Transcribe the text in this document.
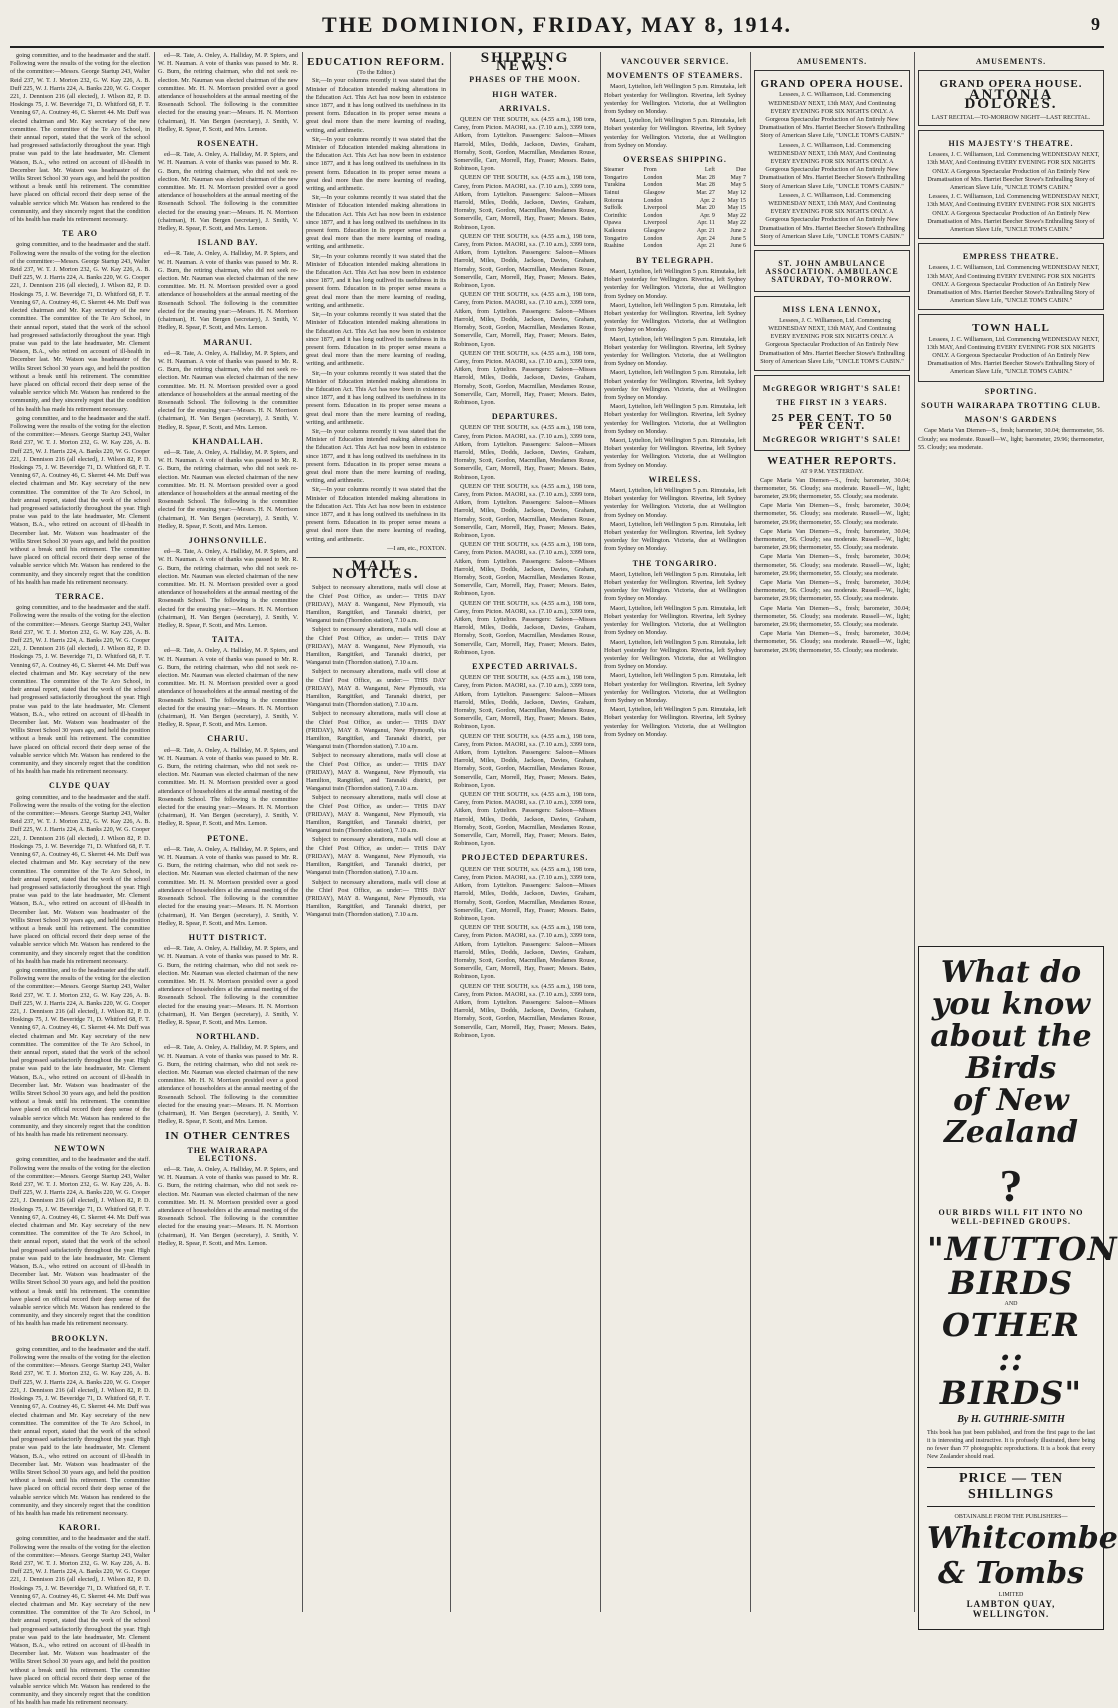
THE DOMINION, FRIDAY, MAY 8, 1914.	9

going committee, and to the headmaster and the staff. Following were the results of the voting for the election of the committee:—Messrs. George Startup 243, Walter Reid 237, W. T. J. Morton 232, G. W. Kay 226, A. B. Duff 225, W. J. Harris 224, A. Banks 220, W. G. Cooper 221, J. Dennison 216 (all elected), J. Wilson 82, P. D. Hoskings 75, J. W. Beveridge 71, D. Whitford 68, F. T. Venning 67, A. Coutney 46, C. Skerret 44. Mr. Duff was elected chairman and Mr. Kay secretary of the new committee. The committee of the Te Aro School, in their annual report, stated that the work of the school had progressed satisfactorily throughout the year. High praise was paid to the late headmaster, Mr. Clement Watson, B.A., who retired on account of ill-health in December last. Mr. Watson was headmaster of the Willis Street School 30 years ago, and held the position without a break until his retirement. The committee have placed on official record their deep sense of the valuable service which Mr. Watson has rendered to the community, and they sincerely regret that the condition of his health has made his retirement necessary.

TE ARO

going committee, and to the headmaster and the staff. Following were the results of the voting for the election of the committee:—Messrs. George Startup 243, Walter Reid 237, W. T. J. Morton 232, G. W. Kay 226, A. B. Duff 225, W. J. Harris 224, A. Banks 220, W. G. Cooper 221, J. Dennison 216 (all elected), J. Wilson 82, P. D. Hoskings 75, J. W. Beveridge 71, D. Whitford 68, F. T. Venning 67, A. Coutney 46, C. Skerret 44. Mr. Duff was elected chairman and Mr. Kay secretary of the new committee. The committee of the Te Aro School, in their annual report, stated that the work of the school had progressed satisfactorily throughout the year. High praise was paid to the late headmaster, Mr. Clement Watson, B.A., who retired on account of ill-health in December last. Mr. Watson was headmaster of the Willis Street School 30 years ago, and held the position without a break until his retirement. The committee have placed on official record their deep sense of the valuable service which Mr. Watson has rendered to the community, and they sincerely regret that the condition of his health has made his retirement necessary.

going committee, and to the headmaster and the staff. Following were the results of the voting for the election of the committee:—Messrs. George Startup 243, Walter Reid 237, W. T. J. Morton 232, G. W. Kay 226, A. B. Duff 225, W. J. Harris 224, A. Banks 220, W. G. Cooper 221, J. Dennison 216 (all elected), J. Wilson 82, P. D. Hoskings 75, J. W. Beveridge 71, D. Whitford 68, F. T. Venning 67, A. Coutney 46, C. Skerret 44. Mr. Duff was elected chairman and Mr. Kay secretary of the new committee. The committee of the Te Aro School, in their annual report, stated that the work of the school had progressed satisfactorily throughout the year. High praise was paid to the late headmaster, Mr. Clement Watson, B.A., who retired on account of ill-health in December last. Mr. Watson was headmaster of the Willis Street School 30 years ago, and held the position without a break until his retirement. The committee have placed on official record their deep sense of the valuable service which Mr. Watson has rendered to the community, and they sincerely regret that the condition of his health has made his retirement necessary.

TERRACE.

going committee, and to the headmaster and the staff. Following were the results of the voting for the election of the committee:—Messrs. George Startup 243, Walter Reid 237, W. T. J. Morton 232, G. W. Kay 226, A. B. Duff 225, W. J. Harris 224, A. Banks 220, W. G. Cooper 221, J. Dennison 216 (all elected), J. Wilson 82, P. D. Hoskings 75, J. W. Beveridge 71, D. Whitford 68, F. T. Venning 67, A. Coutney 46, C. Skerret 44. Mr. Duff was elected chairman and Mr. Kay secretary of the new committee. The committee of the Te Aro School, in their annual report, stated that the work of the school had progressed satisfactorily throughout the year. High praise was paid to the late headmaster, Mr. Clement Watson, B.A., who retired on account of ill-health in December last. Mr. Watson was headmaster of the Willis Street School 30 years ago, and held the position without a break until his retirement. The committee have placed on official record their deep sense of the valuable service which Mr. Watson has rendered to the community, and they sincerely regret that the condition of his health has made his retirement necessary.

CLYDE QUAY

going committee, and to the headmaster and the staff. Following were the results of the voting for the election of the committee:—Messrs. George Startup 243, Walter Reid 237, W. T. J. Morton 232, G. W. Kay 226, A. B. Duff 225, W. J. Harris 224, A. Banks 220, W. G. Cooper 221, J. Dennison 216 (all elected), J. Wilson 82, P. D. Hoskings 75, J. W. Beveridge 71, D. Whitford 68, F. T. Venning 67, A. Coutney 46, C. Skerret 44. Mr. Duff was elected chairman and Mr. Kay secretary of the new committee. The committee of the Te Aro School, in their annual report, stated that the work of the school had progressed satisfactorily throughout the year. High praise was paid to the late headmaster, Mr. Clement Watson, B.A., who retired on account of ill-health in December last. Mr. Watson was headmaster of the Willis Street School 30 years ago, and held the position without a break until his retirement. The committee have placed on official record their deep sense of the valuable service which Mr. Watson has rendered to the community, and they sincerely regret that the condition of his health has made his retirement necessary.

going committee, and to the headmaster and the staff. Following were the results of the voting for the election of the committee:—Messrs. George Startup 243, Walter Reid 237, W. T. J. Morton 232, G. W. Kay 226, A. B. Duff 225, W. J. Harris 224, A. Banks 220, W. G. Cooper 221, J. Dennison 216 (all elected), J. Wilson 82, P. D. Hoskings 75, J. W. Beveridge 71, D. Whitford 68, F. T. Venning 67, A. Coutney 46, C. Skerret 44. Mr. Duff was elected chairman and Mr. Kay secretary of the new committee. The committee of the Te Aro School, in their annual report, stated that the work of the school had progressed satisfactorily throughout the year. High praise was paid to the late headmaster, Mr. Clement Watson, B.A., who retired on account of ill-health in December last. Mr. Watson was headmaster of the Willis Street School 30 years ago, and held the position without a break until his retirement. The committee have placed on official record their deep sense of the valuable service which Mr. Watson has rendered to the community, and they sincerely regret that the condition of his health has made his retirement necessary.

NEWTOWN

going committee, and to the headmaster and the staff. Following were the results of the voting for the election of the committee:—Messrs. George Startup 243, Walter Reid 237, W. T. J. Morton 232, G. W. Kay 226, A. B. Duff 225, W. J. Harris 224, A. Banks 220, W. G. Cooper 221, J. Dennison 216 (all elected), J. Wilson 82, P. D. Hoskings 75, J. W. Beveridge 71, D. Whitford 68, F. T. Venning 67, A. Coutney 46, C. Skerret 44. Mr. Duff was elected chairman and Mr. Kay secretary of the new committee. The committee of the Te Aro School, in their annual report, stated that the work of the school had progressed satisfactorily throughout the year. High praise was paid to the late headmaster, Mr. Clement Watson, B.A., who retired on account of ill-health in December last. Mr. Watson was headmaster of the Willis Street School 30 years ago, and held the position without a break until his retirement. The committee have placed on official record their deep sense of the valuable service which Mr. Watson has rendered to the community, and they sincerely regret that the condition of his health has made his retirement necessary.

BROOKLYN.

going committee, and to the headmaster and the staff. Following were the results of the voting for the election of the committee:—Messrs. George Startup 243, Walter Reid 237, W. T. J. Morton 232, G. W. Kay 226, A. B. Duff 225, W. J. Harris 224, A. Banks 220, W. G. Cooper 221, J. Dennison 216 (all elected), J. Wilson 82, P. D. Hoskings 75, J. W. Beveridge 71, D. Whitford 68, F. T. Venning 67, A. Coutney 46, C. Skerret 44. Mr. Duff was elected chairman and Mr. Kay secretary of the new committee. The committee of the Te Aro School, in their annual report, stated that the work of the school had progressed satisfactorily throughout the year. High praise was paid to the late headmaster, Mr. Clement Watson, B.A., who retired on account of ill-health in December last. Mr. Watson was headmaster of the Willis Street School 30 years ago, and held the position without a break until his retirement. The committee have placed on official record their deep sense of the valuable service which Mr. Watson has rendered to the community, and they sincerely regret that the condition of his health has made his retirement necessary.

KARORI.

going committee, and to the headmaster and the staff. Following were the results of the voting for the election of the committee:—Messrs. George Startup 243, Walter Reid 237, W. T. J. Morton 232, G. W. Kay 226, A. B. Duff 225, W. J. Harris 224, A. Banks 220, W. G. Cooper 221, J. Dennison 216 (all elected), J. Wilson 82, P. D. Hoskings 75, J. W. Beveridge 71, D. Whitford 68, F. T. Venning 67, A. Coutney 46, C. Skerret 44. Mr. Duff was elected chairman and Mr. Kay secretary of the new committee. The committee of the Te Aro School, in their annual report, stated that the work of the school had progressed satisfactorily throughout the year. High praise was paid to the late headmaster, Mr. Clement Watson, B.A., who retired on account of ill-health in December last. Mr. Watson was headmaster of the Willis Street School 30 years ago, and held the position without a break until his retirement. The committee have placed on official record their deep sense of the valuable service which Mr. Watson has rendered to the community, and they sincerely regret that the condition of his health has made his retirement necessary.

ed—R. Tate, A. Onley, A. Halliday, M. P. Spiers, and W. H. Nauman. A vote of thanks was passed to Mr. R. G. Burn, the retiring chairman, who did not seek re-election. Mr. Nauman was elected chairman of the new committee. Mr. H. N. Morrison presided over a good attendance of householders at the annual meeting of the Roseneath School. The following is the committee elected for the ensuing year:—Messrs. H. N. Morrison (chairman), H. Van Bergen (secretary), J. Smith, V. Hedley, R. Spear, F. Scott, and Mrs. Lemon.

ROSENEATH.

ed—R. Tate, A. Onley, A. Halliday, M. P. Spiers, and W. H. Nauman. A vote of thanks was passed to Mr. R. G. Burn, the retiring chairman, who did not seek re-election. Mr. Nauman was elected chairman of the new committee. Mr. H. N. Morrison presided over a good attendance of householders at the annual meeting of the Roseneath School. The following is the committee elected for the ensuing year:—Messrs. H. N. Morrison (chairman), H. Van Bergen (secretary), J. Smith, V. Hedley, R. Spear, F. Scott, and Mrs. Lemon.

ISLAND BAY.

ed—R. Tate, A. Onley, A. Halliday, M. P. Spiers, and W. H. Nauman. A vote of thanks was passed to Mr. R. G. Burn, the retiring chairman, who did not seek re-election. Mr. Nauman was elected chairman of the new committee. Mr. H. N. Morrison presided over a good attendance of householders at the annual meeting of the Roseneath School. The following is the committee elected for the ensuing year:—Messrs. H. N. Morrison (chairman), H. Van Bergen (secretary), J. Smith, V. Hedley, R. Spear, F. Scott, and Mrs. Lemon.

MARANUI.

ed—R. Tate, A. Onley, A. Halliday, M. P. Spiers, and W. H. Nauman. A vote of thanks was passed to Mr. R. G. Burn, the retiring chairman, who did not seek re-election. Mr. Nauman was elected chairman of the new committee. Mr. H. N. Morrison presided over a good attendance of householders at the annual meeting of the Roseneath School. The following is the committee elected for the ensuing year:—Messrs. H. N. Morrison (chairman), H. Van Bergen (secretary), J. Smith, V. Hedley, R. Spear, F. Scott, and Mrs. Lemon.

KHANDALLAH.

ed—R. Tate, A. Onley, A. Halliday, M. P. Spiers, and W. H. Nauman. A vote of thanks was passed to Mr. R. G. Burn, the retiring chairman, who did not seek re-election. Mr. Nauman was elected chairman of the new committee. Mr. H. N. Morrison presided over a good attendance of householders at the annual meeting of the Roseneath School. The following is the committee elected for the ensuing year:—Messrs. H. N. Morrison (chairman), H. Van Bergen (secretary), J. Smith, V. Hedley, R. Spear, F. Scott, and Mrs. Lemon.

JOHNSONVILLE.

ed—R. Tate, A. Onley, A. Halliday, M. P. Spiers, and W. H. Nauman. A vote of thanks was passed to Mr. R. G. Burn, the retiring chairman, who did not seek re-election. Mr. Nauman was elected chairman of the new committee. Mr. H. N. Morrison presided over a good attendance of householders at the annual meeting of the Roseneath School. The following is the committee elected for the ensuing year:—Messrs. H. N. Morrison (chairman), H. Van Bergen (secretary), J. Smith, V. Hedley, R. Spear, F. Scott, and Mrs. Lemon.

TAITA.

ed—R. Tate, A. Onley, A. Halliday, M. P. Spiers, and W. H. Nauman. A vote of thanks was passed to Mr. R. G. Burn, the retiring chairman, who did not seek re-election. Mr. Nauman was elected chairman of the new committee. Mr. H. N. Morrison presided over a good attendance of householders at the annual meeting of the Roseneath School. The following is the committee elected for the ensuing year:—Messrs. H. N. Morrison (chairman), H. Van Bergen (secretary), J. Smith, V. Hedley, R. Spear, F. Scott, and Mrs. Lemon.

CHARIU.

ed—R. Tate, A. Onley, A. Halliday, M. P. Spiers, and W. H. Nauman. A vote of thanks was passed to Mr. R. G. Burn, the retiring chairman, who did not seek re-election. Mr. Nauman was elected chairman of the new committee. Mr. H. N. Morrison presided over a good attendance of householders at the annual meeting of the Roseneath School. The following is the committee elected for the ensuing year:—Messrs. H. N. Morrison (chairman), H. Van Bergen (secretary), J. Smith, V. Hedley, R. Spear, F. Scott, and Mrs. Lemon.

PETONE.

ed—R. Tate, A. Onley, A. Halliday, M. P. Spiers, and W. H. Nauman. A vote of thanks was passed to Mr. R. G. Burn, the retiring chairman, who did not seek re-election. Mr. Nauman was elected chairman of the new committee. Mr. H. N. Morrison presided over a good attendance of householders at the annual meeting of the Roseneath School. The following is the committee elected for the ensuing year:—Messrs. H. N. Morrison (chairman), H. Van Bergen (secretary), J. Smith, V. Hedley, R. Spear, F. Scott, and Mrs. Lemon.

HUTT DISTRICT.

ed—R. Tate, A. Onley, A. Halliday, M. P. Spiers, and W. H. Nauman. A vote of thanks was passed to Mr. R. G. Burn, the retiring chairman, who did not seek re-election. Mr. Nauman was elected chairman of the new committee. Mr. H. N. Morrison presided over a good attendance of householders at the annual meeting of the Roseneath School. The following is the committee elected for the ensuing year:—Messrs. H. N. Morrison (chairman), H. Van Bergen (secretary), J. Smith, V. Hedley, R. Spear, F. Scott, and Mrs. Lemon.

NORTHLAND.

ed—R. Tate, A. Onley, A. Halliday, M. P. Spiers, and W. H. Nauman. A vote of thanks was passed to Mr. R. G. Burn, the retiring chairman, who did not seek re-election. Mr. Nauman was elected chairman of the new committee. Mr. H. N. Morrison presided over a good attendance of householders at the annual meeting of the Roseneath School. The following is the committee elected for the ensuing year:—Messrs. H. N. Morrison (chairman), H. Van Bergen (secretary), J. Smith, V. Hedley, R. Spear, F. Scott, and Mrs. Lemon.

IN OTHER CENTRES
THE WAIRARAPA ELECTIONS.

ed—R. Tate, A. Onley, A. Halliday, M. P. Spiers, and W. H. Nauman. A vote of thanks was passed to Mr. R. G. Burn, the retiring chairman, who did not seek re-election. Mr. Nauman was elected chairman of the new committee. Mr. H. N. Morrison presided over a good attendance of householders at the annual meeting of the Roseneath School. The following is the committee elected for the ensuing year:—Messrs. H. N. Morrison (chairman), H. Van Bergen (secretary), J. Smith, V. Hedley, R. Spear, F. Scott, and Mrs. Lemon.

EDUCATION REFORM.
(To the Editor.)

Sir,—In your columns recently it was stated that the Minister of Education intended making alterations in the Education Act. This Act has now been in existence since 1877, and it has long outlived its usefulness in its present form. Education in its proper sense means a great deal more than the mere learning of reading, writing, and arithmetic.

Sir,—In your columns recently it was stated that the Minister of Education intended making alterations in the Education Act. This Act has now been in existence since 1877, and it has long outlived its usefulness in its present form. Education in its proper sense means a great deal more than the mere learning of reading, writing, and arithmetic.

Sir,—In your columns recently it was stated that the Minister of Education intended making alterations in the Education Act. This Act has now been in existence since 1877, and it has long outlived its usefulness in its present form. Education in its proper sense means a great deal more than the mere learning of reading, writing, and arithmetic.

Sir,—In your columns recently it was stated that the Minister of Education intended making alterations in the Education Act. This Act has now been in existence since 1877, and it has long outlived its usefulness in its present form. Education in its proper sense means a great deal more than the mere learning of reading, writing, and arithmetic.

Sir,—In your columns recently it was stated that the Minister of Education intended making alterations in the Education Act. This Act has now been in existence since 1877, and it has long outlived its usefulness in its present form. Education in its proper sense means a great deal more than the mere learning of reading, writing, and arithmetic.

Sir,—In your columns recently it was stated that the Minister of Education intended making alterations in the Education Act. This Act has now been in existence since 1877, and it has long outlived its usefulness in its present form. Education in its proper sense means a great deal more than the mere learning of reading, writing, and arithmetic.

Sir,—In your columns recently it was stated that the Minister of Education intended making alterations in the Education Act. This Act has now been in existence since 1877, and it has long outlived its usefulness in its present form. Education in its proper sense means a great deal more than the mere learning of reading, writing, and arithmetic.

Sir,—In your columns recently it was stated that the Minister of Education intended making alterations in the Education Act. This Act has now been in existence since 1877, and it has long outlived its usefulness in its present form. Education in its proper sense means a great deal more than the mere learning of reading, writing, and arithmetic.

—I am, etc., FOXTON.
MAIL NOTICES.

Subject to necessary alterations, mails will close at the Chief Post Office, as under:— THIS DAY (FRIDAY), MAY 8. Wanganui, New Plymouth, via Hamilton, Rangitikei, and Taranaki district, per Wanganui train (Thorndon station), 7.10 a.m.

Subject to necessary alterations, mails will close at the Chief Post Office, as under:— THIS DAY (FRIDAY), MAY 8. Wanganui, New Plymouth, via Hamilton, Rangitikei, and Taranaki district, per Wanganui train (Thorndon station), 7.10 a.m.

Subject to necessary alterations, mails will close at the Chief Post Office, as under:— THIS DAY (FRIDAY), MAY 8. Wanganui, New Plymouth, via Hamilton, Rangitikei, and Taranaki district, per Wanganui train (Thorndon station), 7.10 a.m.

Subject to necessary alterations, mails will close at the Chief Post Office, as under:— THIS DAY (FRIDAY), MAY 8. Wanganui, New Plymouth, via Hamilton, Rangitikei, and Taranaki district, per Wanganui train (Thorndon station), 7.10 a.m.

Subject to necessary alterations, mails will close at the Chief Post Office, as under:— THIS DAY (FRIDAY), MAY 8. Wanganui, New Plymouth, via Hamilton, Rangitikei, and Taranaki district, per Wanganui train (Thorndon station), 7.10 a.m.

Subject to necessary alterations, mails will close at the Chief Post Office, as under:— THIS DAY (FRIDAY), MAY 8. Wanganui, New Plymouth, via Hamilton, Rangitikei, and Taranaki district, per Wanganui train (Thorndon station), 7.10 a.m.

Subject to necessary alterations, mails will close at the Chief Post Office, as under:— THIS DAY (FRIDAY), MAY 8. Wanganui, New Plymouth, via Hamilton, Rangitikei, and Taranaki district, per Wanganui train (Thorndon station), 7.10 a.m.

Subject to necessary alterations, mails will close at the Chief Post Office, as under:— THIS DAY (FRIDAY), MAY 8. Wanganui, New Plymouth, via Hamilton, Rangitikei, and Taranaki district, per Wanganui train (Thorndon station), 7.10 a.m.

SHIPPING NEWS.
PHASES OF THE MOON.
HIGH WATER.
ARRIVALS.

QUEEN OF THE SOUTH, s.s. (4.55 a.m.), 198 tons, Carey, from Picton. MAORI, s.s. (7.10 a.m.), 3399 tons, Aitken, from Lyttelton. Passengers: Saloon—Misses Harrold, Miles, Dodds, Jackson, Davies, Graham, Hornsby, Scott, Gordon, Macmillan, Mesdames Rouse, Somerville, Carr, Morrell, Hay, Fraser; Messrs. Bates, Robinson, Lyon.

QUEEN OF THE SOUTH, s.s. (4.55 a.m.), 198 tons, Carey, from Picton. MAORI, s.s. (7.10 a.m.), 3399 tons, Aitken, from Lyttelton. Passengers: Saloon—Misses Harrold, Miles, Dodds, Jackson, Davies, Graham, Hornsby, Scott, Gordon, Macmillan, Mesdames Rouse, Somerville, Carr, Morrell, Hay, Fraser; Messrs. Bates, Robinson, Lyon.

QUEEN OF THE SOUTH, s.s. (4.55 a.m.), 198 tons, Carey, from Picton. MAORI, s.s. (7.10 a.m.), 3399 tons, Aitken, from Lyttelton. Passengers: Saloon—Misses Harrold, Miles, Dodds, Jackson, Davies, Graham, Hornsby, Scott, Gordon, Macmillan, Mesdames Rouse, Somerville, Carr, Morrell, Hay, Fraser; Messrs. Bates, Robinson, Lyon.

QUEEN OF THE SOUTH, s.s. (4.55 a.m.), 198 tons, Carey, from Picton. MAORI, s.s. (7.10 a.m.), 3399 tons, Aitken, from Lyttelton. Passengers: Saloon—Misses Harrold, Miles, Dodds, Jackson, Davies, Graham, Hornsby, Scott, Gordon, Macmillan, Mesdames Rouse, Somerville, Carr, Morrell, Hay, Fraser; Messrs. Bates, Robinson, Lyon.

QUEEN OF THE SOUTH, s.s. (4.55 a.m.), 198 tons, Carey, from Picton. MAORI, s.s. (7.10 a.m.), 3399 tons, Aitken, from Lyttelton. Passengers: Saloon—Misses Harrold, Miles, Dodds, Jackson, Davies, Graham, Hornsby, Scott, Gordon, Macmillan, Mesdames Rouse, Somerville, Carr, Morrell, Hay, Fraser; Messrs. Bates, Robinson, Lyon.

DEPARTURES.

QUEEN OF THE SOUTH, s.s. (4.55 a.m.), 198 tons, Carey, from Picton. MAORI, s.s. (7.10 a.m.), 3399 tons, Aitken, from Lyttelton. Passengers: Saloon—Misses Harrold, Miles, Dodds, Jackson, Davies, Graham, Hornsby, Scott, Gordon, Macmillan, Mesdames Rouse, Somerville, Carr, Morrell, Hay, Fraser; Messrs. Bates, Robinson, Lyon.

QUEEN OF THE SOUTH, s.s. (4.55 a.m.), 198 tons, Carey, from Picton. MAORI, s.s. (7.10 a.m.), 3399 tons, Aitken, from Lyttelton. Passengers: Saloon—Misses Harrold, Miles, Dodds, Jackson, Davies, Graham, Hornsby, Scott, Gordon, Macmillan, Mesdames Rouse, Somerville, Carr, Morrell, Hay, Fraser; Messrs. Bates, Robinson, Lyon.

QUEEN OF THE SOUTH, s.s. (4.55 a.m.), 198 tons, Carey, from Picton. MAORI, s.s. (7.10 a.m.), 3399 tons, Aitken, from Lyttelton. Passengers: Saloon—Misses Harrold, Miles, Dodds, Jackson, Davies, Graham, Hornsby, Scott, Gordon, Macmillan, Mesdames Rouse, Somerville, Carr, Morrell, Hay, Fraser; Messrs. Bates, Robinson, Lyon.

QUEEN OF THE SOUTH, s.s. (4.55 a.m.), 198 tons, Carey, from Picton. MAORI, s.s. (7.10 a.m.), 3399 tons, Aitken, from Lyttelton. Passengers: Saloon—Misses Harrold, Miles, Dodds, Jackson, Davies, Graham, Hornsby, Scott, Gordon, Macmillan, Mesdames Rouse, Somerville, Carr, Morrell, Hay, Fraser; Messrs. Bates, Robinson, Lyon.

EXPECTED ARRIVALS.

QUEEN OF THE SOUTH, s.s. (4.55 a.m.), 198 tons, Carey, from Picton. MAORI, s.s. (7.10 a.m.), 3399 tons, Aitken, from Lyttelton. Passengers: Saloon—Misses Harrold, Miles, Dodds, Jackson, Davies, Graham, Hornsby, Scott, Gordon, Macmillan, Mesdames Rouse, Somerville, Carr, Morrell, Hay, Fraser; Messrs. Bates, Robinson, Lyon.

QUEEN OF THE SOUTH, s.s. (4.55 a.m.), 198 tons, Carey, from Picton. MAORI, s.s. (7.10 a.m.), 3399 tons, Aitken, from Lyttelton. Passengers: Saloon—Misses Harrold, Miles, Dodds, Jackson, Davies, Graham, Hornsby, Scott, Gordon, Macmillan, Mesdames Rouse, Somerville, Carr, Morrell, Hay, Fraser; Messrs. Bates, Robinson, Lyon.

QUEEN OF THE SOUTH, s.s. (4.55 a.m.), 198 tons, Carey, from Picton. MAORI, s.s. (7.10 a.m.), 3399 tons, Aitken, from Lyttelton. Passengers: Saloon—Misses Harrold, Miles, Dodds, Jackson, Davies, Graham, Hornsby, Scott, Gordon, Macmillan, Mesdames Rouse, Somerville, Carr, Morrell, Hay, Fraser; Messrs. Bates, Robinson, Lyon.

PROJECTED DEPARTURES.

QUEEN OF THE SOUTH, s.s. (4.55 a.m.), 198 tons, Carey, from Picton. MAORI, s.s. (7.10 a.m.), 3399 tons, Aitken, from Lyttelton. Passengers: Saloon—Misses Harrold, Miles, Dodds, Jackson, Davies, Graham, Hornsby, Scott, Gordon, Macmillan, Mesdames Rouse, Somerville, Carr, Morrell, Hay, Fraser; Messrs. Bates, Robinson, Lyon.

QUEEN OF THE SOUTH, s.s. (4.55 a.m.), 198 tons, Carey, from Picton. MAORI, s.s. (7.10 a.m.), 3399 tons, Aitken, from Lyttelton. Passengers: Saloon—Misses Harrold, Miles, Dodds, Jackson, Davies, Graham, Hornsby, Scott, Gordon, Macmillan, Mesdames Rouse, Somerville, Carr, Morrell, Hay, Fraser; Messrs. Bates, Robinson, Lyon.

QUEEN OF THE SOUTH, s.s. (4.55 a.m.), 198 tons, Carey, from Picton. MAORI, s.s. (7.10 a.m.), 3399 tons, Aitken, from Lyttelton. Passengers: Saloon—Misses Harrold, Miles, Dodds, Jackson, Davies, Graham, Hornsby, Scott, Gordon, Macmillan, Mesdames Rouse, Somerville, Carr, Morrell, Hay, Fraser; Messrs. Bates, Robinson, Lyon.

VANCOUVER SERVICE.
MOVEMENTS OF STEAMERS.

Maori, Lyttelton, left Wellington 5 p.m. Rimutaka, left Hobart yesterday for Wellington. Riverina, left Sydney yesterday for Wellington. Victoria, due at Wellington from Sydney on Monday.

Maori, Lyttelton, left Wellington 5 p.m. Rimutaka, left Hobart yesterday for Wellington. Riverina, left Sydney yesterday for Wellington. Victoria, due at Wellington from Sydney on Monday.

OVERSEAS SHIPPING.
Steamer	From	Left	Due
Tongariro	London	Mar. 28	May 7
Turakina	London	Mar. 28	May 5
Tainui	Glasgow	Mar. 27	May 12
Rotorua	London	Apr. 2	May 15
Suffolk	Liverpool	Mar. 20	May 15
Corinthic	London	Apr. 9	May 22
Opawa	Liverpool	Apr. 11	May 22
Kaikoura	Glasgow	Apr. 21	June 2
Tongariro	London	Apr. 24	June 5
Ruahine	London	Apr. 21	June 6
BY TELEGRAPH.

Maori, Lyttelton, left Wellington 5 p.m. Rimutaka, left Hobart yesterday for Wellington. Riverina, left Sydney yesterday for Wellington. Victoria, due at Wellington from Sydney on Monday.

Maori, Lyttelton, left Wellington 5 p.m. Rimutaka, left Hobart yesterday for Wellington. Riverina, left Sydney yesterday for Wellington. Victoria, due at Wellington from Sydney on Monday.

Maori, Lyttelton, left Wellington 5 p.m. Rimutaka, left Hobart yesterday for Wellington. Riverina, left Sydney yesterday for Wellington. Victoria, due at Wellington from Sydney on Monday.

Maori, Lyttelton, left Wellington 5 p.m. Rimutaka, left Hobart yesterday for Wellington. Riverina, left Sydney yesterday for Wellington. Victoria, due at Wellington from Sydney on Monday.

Maori, Lyttelton, left Wellington 5 p.m. Rimutaka, left Hobart yesterday for Wellington. Riverina, left Sydney yesterday for Wellington. Victoria, due at Wellington from Sydney on Monday.

Maori, Lyttelton, left Wellington 5 p.m. Rimutaka, left Hobart yesterday for Wellington. Riverina, left Sydney yesterday for Wellington. Victoria, due at Wellington from Sydney on Monday.

WIRELESS.

Maori, Lyttelton, left Wellington 5 p.m. Rimutaka, left Hobart yesterday for Wellington. Riverina, left Sydney yesterday for Wellington. Victoria, due at Wellington from Sydney on Monday.

Maori, Lyttelton, left Wellington 5 p.m. Rimutaka, left Hobart yesterday for Wellington. Riverina, left Sydney yesterday for Wellington. Victoria, due at Wellington from Sydney on Monday.

THE TONGARIRO.

Maori, Lyttelton, left Wellington 5 p.m. Rimutaka, left Hobart yesterday for Wellington. Riverina, left Sydney yesterday for Wellington. Victoria, due at Wellington from Sydney on Monday.

Maori, Lyttelton, left Wellington 5 p.m. Rimutaka, left Hobart yesterday for Wellington. Riverina, left Sydney yesterday for Wellington. Victoria, due at Wellington from Sydney on Monday.

Maori, Lyttelton, left Wellington 5 p.m. Rimutaka, left Hobart yesterday for Wellington. Riverina, left Sydney yesterday for Wellington. Victoria, due at Wellington from Sydney on Monday.

Maori, Lyttelton, left Wellington 5 p.m. Rimutaka, left Hobart yesterday for Wellington. Riverina, left Sydney yesterday for Wellington. Victoria, due at Wellington from Sydney on Monday.

Maori, Lyttelton, left Wellington 5 p.m. Rimutaka, left Hobart yesterday for Wellington. Riverina, left Sydney yesterday for Wellington. Victoria, due at Wellington from Sydney on Monday.

AMUSEMENTS.
GRAND OPERA HOUSE.

Lessees, J. C. Williamson, Ltd. Commencing WEDNESDAY NEXT, 13th MAY, And Continuing EVERY EVENING FOR SIX NIGHTS ONLY. A Gorgeous Spectacular Production of An Entirely New Dramatisation of Mrs. Harriet Beecher Stowe's Enthralling Story of American Slave Life, "UNCLE TOM'S CABIN."

Lessees, J. C. Williamson, Ltd. Commencing WEDNESDAY NEXT, 13th MAY, And Continuing EVERY EVENING FOR SIX NIGHTS ONLY. A Gorgeous Spectacular Production of An Entirely New Dramatisation of Mrs. Harriet Beecher Stowe's Enthralling Story of American Slave Life, "UNCLE TOM'S CABIN."

Lessees, J. C. Williamson, Ltd. Commencing WEDNESDAY NEXT, 13th MAY, And Continuing EVERY EVENING FOR SIX NIGHTS ONLY. A Gorgeous Spectacular Production of An Entirely New Dramatisation of Mrs. Harriet Beecher Stowe's Enthralling Story of American Slave Life, "UNCLE TOM'S CABIN."

ST. JOHN AMBULANCE ASSOCIATION. AMBULANCE SATURDAY, TO-MORROW.
MISS LENA LENNOX,

Lessees, J. C. Williamson, Ltd. Commencing WEDNESDAY NEXT, 13th MAY, And Continuing EVERY EVENING FOR SIX NIGHTS ONLY. A Gorgeous Spectacular Production of An Entirely New Dramatisation of Mrs. Harriet Beecher Stowe's Enthralling Story of American Slave Life, "UNCLE TOM'S CABIN."

McGREGOR WRIGHT'S SALE!
THE FIRST IN 3 YEARS.
25 PER CENT. TO 50 PER CENT.
McGREGOR WRIGHT'S SALE!
WEATHER REPORTS.
AT 9 P.M. YESTERDAY.

Cape Maria Van Diemen—S., fresh; barometer, 30.04; thermometer, 56. Cloudy; sea moderate. Russell—W., light; barometer, 29.96; thermometer, 55. Cloudy; sea moderate.

Cape Maria Van Diemen—S., fresh; barometer, 30.04; thermometer, 56. Cloudy; sea moderate. Russell—W., light; barometer, 29.96; thermometer, 55. Cloudy; sea moderate.

Cape Maria Van Diemen—S., fresh; barometer, 30.04; thermometer, 56. Cloudy; sea moderate. Russell—W., light; barometer, 29.96; thermometer, 55. Cloudy; sea moderate.

Cape Maria Van Diemen—S., fresh; barometer, 30.04; thermometer, 56. Cloudy; sea moderate. Russell—W., light; barometer, 29.96; thermometer, 55. Cloudy; sea moderate.

Cape Maria Van Diemen—S., fresh; barometer, 30.04; thermometer, 56. Cloudy; sea moderate. Russell—W., light; barometer, 29.96; thermometer, 55. Cloudy; sea moderate.

Cape Maria Van Diemen—S., fresh; barometer, 30.04; thermometer, 56. Cloudy; sea moderate. Russell—W., light; barometer, 29.96; thermometer, 55. Cloudy; sea moderate.

Cape Maria Van Diemen—S., fresh; barometer, 30.04; thermometer, 56. Cloudy; sea moderate. Russell—W., light; barometer, 29.96; thermometer, 55. Cloudy; sea moderate.

AMUSEMENTS.
GRAND OPERA HOUSE.
ANTONIA DOLORES.
LAST RECITAL—TO-MORROW NIGHT—LAST RECITAL.
HIS MAJESTY'S THEATRE.

Lessees, J. C. Williamson, Ltd. Commencing WEDNESDAY NEXT, 13th MAY, And Continuing EVERY EVENING FOR SIX NIGHTS ONLY. A Gorgeous Spectacular Production of An Entirely New Dramatisation of Mrs. Harriet Beecher Stowe's Enthralling Story of American Slave Life, "UNCLE TOM'S CABIN."

Lessees, J. C. Williamson, Ltd. Commencing WEDNESDAY NEXT, 13th MAY, And Continuing EVERY EVENING FOR SIX NIGHTS ONLY. A Gorgeous Spectacular Production of An Entirely New Dramatisation of Mrs. Harriet Beecher Stowe's Enthralling Story of American Slave Life, "UNCLE TOM'S CABIN."

EMPRESS THEATRE.

Lessees, J. C. Williamson, Ltd. Commencing WEDNESDAY NEXT, 13th MAY, And Continuing EVERY EVENING FOR SIX NIGHTS ONLY. A Gorgeous Spectacular Production of An Entirely New Dramatisation of Mrs. Harriet Beecher Stowe's Enthralling Story of American Slave Life, "UNCLE TOM'S CABIN."

TOWN HALL

Lessees, J. C. Williamson, Ltd. Commencing WEDNESDAY NEXT, 13th MAY, And Continuing EVERY EVENING FOR SIX NIGHTS ONLY. A Gorgeous Spectacular Production of An Entirely New Dramatisation of Mrs. Harriet Beecher Stowe's Enthralling Story of American Slave Life, "UNCLE TOM'S CABIN."

SPORTING.
SOUTH WAIRARAPA TROTTING CLUB.
MASON'S GARDENS

Cape Maria Van Diemen—S., fresh; barometer, 30.04; thermometer, 56. Cloudy; sea moderate. Russell—W., light; barometer, 29.96; thermometer, 55. Cloudy; sea moderate.

What do you know
about the Birds
of New Zealand
?
OUR BIRDS WILL FIT INTO NO WELL-DEFINED GROUPS.
"MUTTON BIRDS
AND
OTHER :: BIRDS"
By H. GUTHRIE-SMITH
This book has just been published, and from the first page to the last it is interesting and instructive. It is profusely illustrated, there being no fewer than 77 photographic reproductions. It is a book that every New Zealander should read.
PRICE — TEN SHILLINGS
OBTAINABLE FROM THE PUBLISHERS—
Whitcombe & Tombs
LIMITED
LAMBTON QUAY, WELLINGTON.
